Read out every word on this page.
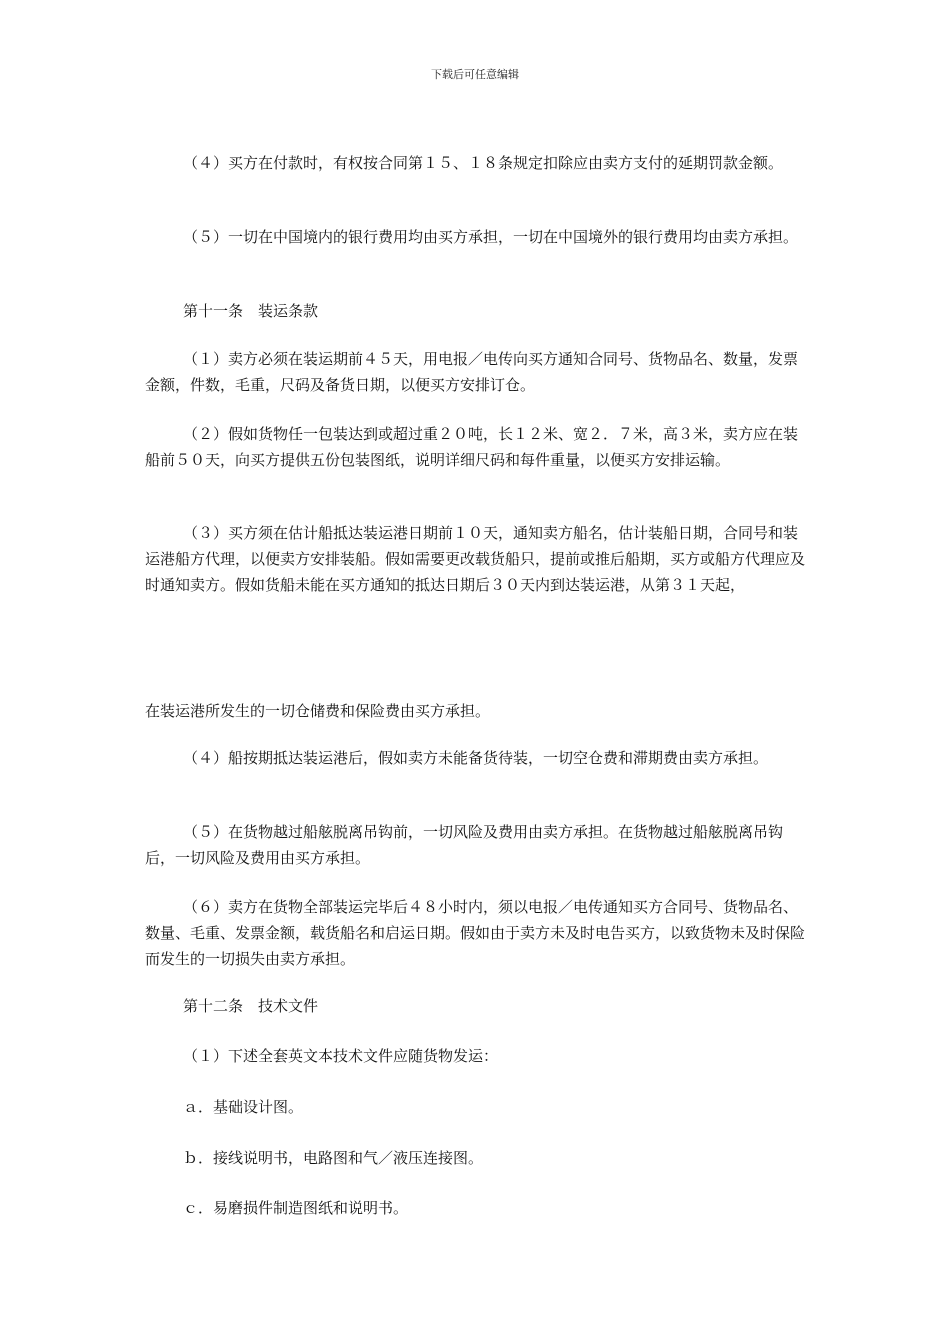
下载后可任意编辑

（４）买方在付款时，有权按合同第１５、１８条规定扣除应由卖方支付的延期罚款金额。

（５）一切在中国境内的银行费用均由买方承担，一切在中国境外的银行费用均由卖方承担。

第十一条　装运条款

（１）卖方必须在装运期前４５天，用电报／电传向买方通知合同号、货物品名、数量，发票金额，件数，毛重，尺码及备货日期，以便买方安排订仓。

（２）假如货物任一包装达到或超过重２０吨，长１２米、宽２．７米，高３米，卖方应在装船前５０天，向买方提供五份包装图纸，说明详细尺码和每件重量，以便买方安排运输。

（３）买方须在估计船抵达装运港日期前１０天，通知卖方船名，估计装船日期，合同号和装运港船方代理，以便卖方安排装船。假如需要更改载货船只，提前或推后船期，买方或船方代理应及时通知卖方。假如货船未能在买方通知的抵达日期后３０天内到达装运港，从第３１天起，

在装运港所发生的一切仓储费和保险费由买方承担。

（４）船按期抵达装运港后，假如卖方未能备货待装，一切空仓费和滞期费由卖方承担。

（５）在货物越过船舷脱离吊钩前，一切风险及费用由卖方承担。在货物越过船舷脱离吊钩后，一切风险及费用由买方承担。

（６）卖方在货物全部装运完毕后４８小时内，须以电报／电传通知买方合同号、货物品名、数量、毛重、发票金额，载货船名和启运日期。假如由于卖方未及时电告买方，以致货物未及时保险而发生的一切损失由卖方承担。

第十二条　技术文件

（１）下述全套英文本技术文件应随货物发运：

ａ．基础设计图。

ｂ．接线说明书，电路图和气／液压连接图。

ｃ．易磨损件制造图纸和说明书。
